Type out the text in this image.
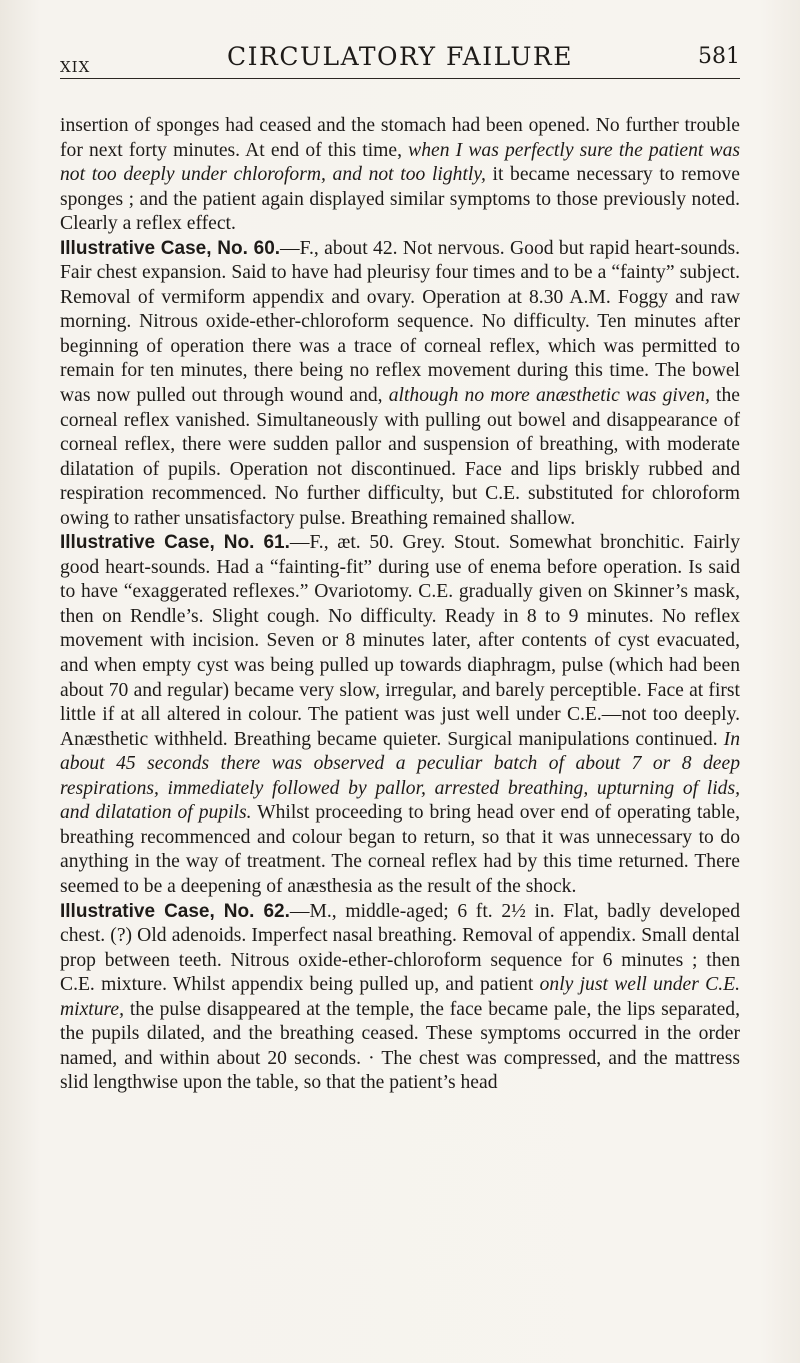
XIX	CIRCULATORY FAILURE	581

insertion of sponges had ceased and the stomach had been opened. No further trouble for next forty minutes. At end of this time, when I was perfectly sure the patient was not too deeply under chloroform, and not too lightly, it became necessary to remove sponges ; and the patient again displayed similar symptoms to those previously noted. Clearly a reflex effect.

Illustrative Case, No. 60.—F., about 42. Not nervous. Good but rapid heart-sounds. Fair chest expansion. Said to have had pleurisy four times and to be a “fainty” subject. Removal of vermiform appendix and ovary. Operation at 8.30 A.M. Foggy and raw morning. Nitrous oxide-ether-chloroform sequence. No difficulty. Ten minutes after beginning of operation there was a trace of corneal reflex, which was permitted to remain for ten minutes, there being no reflex movement during this time. The bowel was now pulled out through wound and, although no more anæsthetic was given, the corneal reflex vanished. Simultaneously with pulling out bowel and disappearance of corneal reflex, there were sudden pallor and suspension of breathing, with moderate dilatation of pupils. Operation not discontinued. Face and lips briskly rubbed and respiration recommenced. No further difficulty, but C.E. substituted for chloroform owing to rather unsatisfactory pulse. Breathing remained shallow.

Illustrative Case, No. 61.—F., æt. 50. Grey. Stout. Somewhat bronchitic. Fairly good heart-sounds. Had a “fainting-fit” during use of enema before operation. Is said to have “exaggerated reflexes.” Ovariotomy. C.E. gradually given on Skinner’s mask, then on Rendle’s. Slight cough. No difficulty. Ready in 8 to 9 minutes. No reflex movement with incision. Seven or 8 minutes later, after contents of cyst evacuated, and when empty cyst was being pulled up towards diaphragm, pulse (which had been about 70 and regular) became very slow, irregular, and barely perceptible. Face at first little if at all altered in colour. The patient was just well under C.E.—not too deeply. Anæsthetic withheld. Breathing became quieter. Surgical manipulations continued. In about 45 seconds there was observed a peculiar batch of about 7 or 8 deep respirations, immediately followed by pallor, arrested breathing, upturning of lids, and dilatation of pupils. Whilst proceeding to bring head over end of operating table, breathing recommenced and colour began to return, so that it was unnecessary to do anything in the way of treatment. The corneal reflex had by this time returned. There seemed to be a deepening of anæsthesia as the result of the shock.

Illustrative Case, No. 62.—M., middle-aged; 6 ft. 2½ in. Flat, badly developed chest. (?) Old adenoids. Imperfect nasal breathing. Removal of appendix. Small dental prop between teeth. Nitrous oxide-ether-chloroform sequence for 6 minutes ; then C.E. mixture. Whilst appendix being pulled up, and patient only just well under C.E. mixture, the pulse disappeared at the temple, the face became pale, the lips separated, the pupils dilated, and the breathing ceased. These symptoms occurred in the order named, and within about 20 seconds. · The chest was compressed, and the mattress slid lengthwise upon the table, so that the patient’s head
